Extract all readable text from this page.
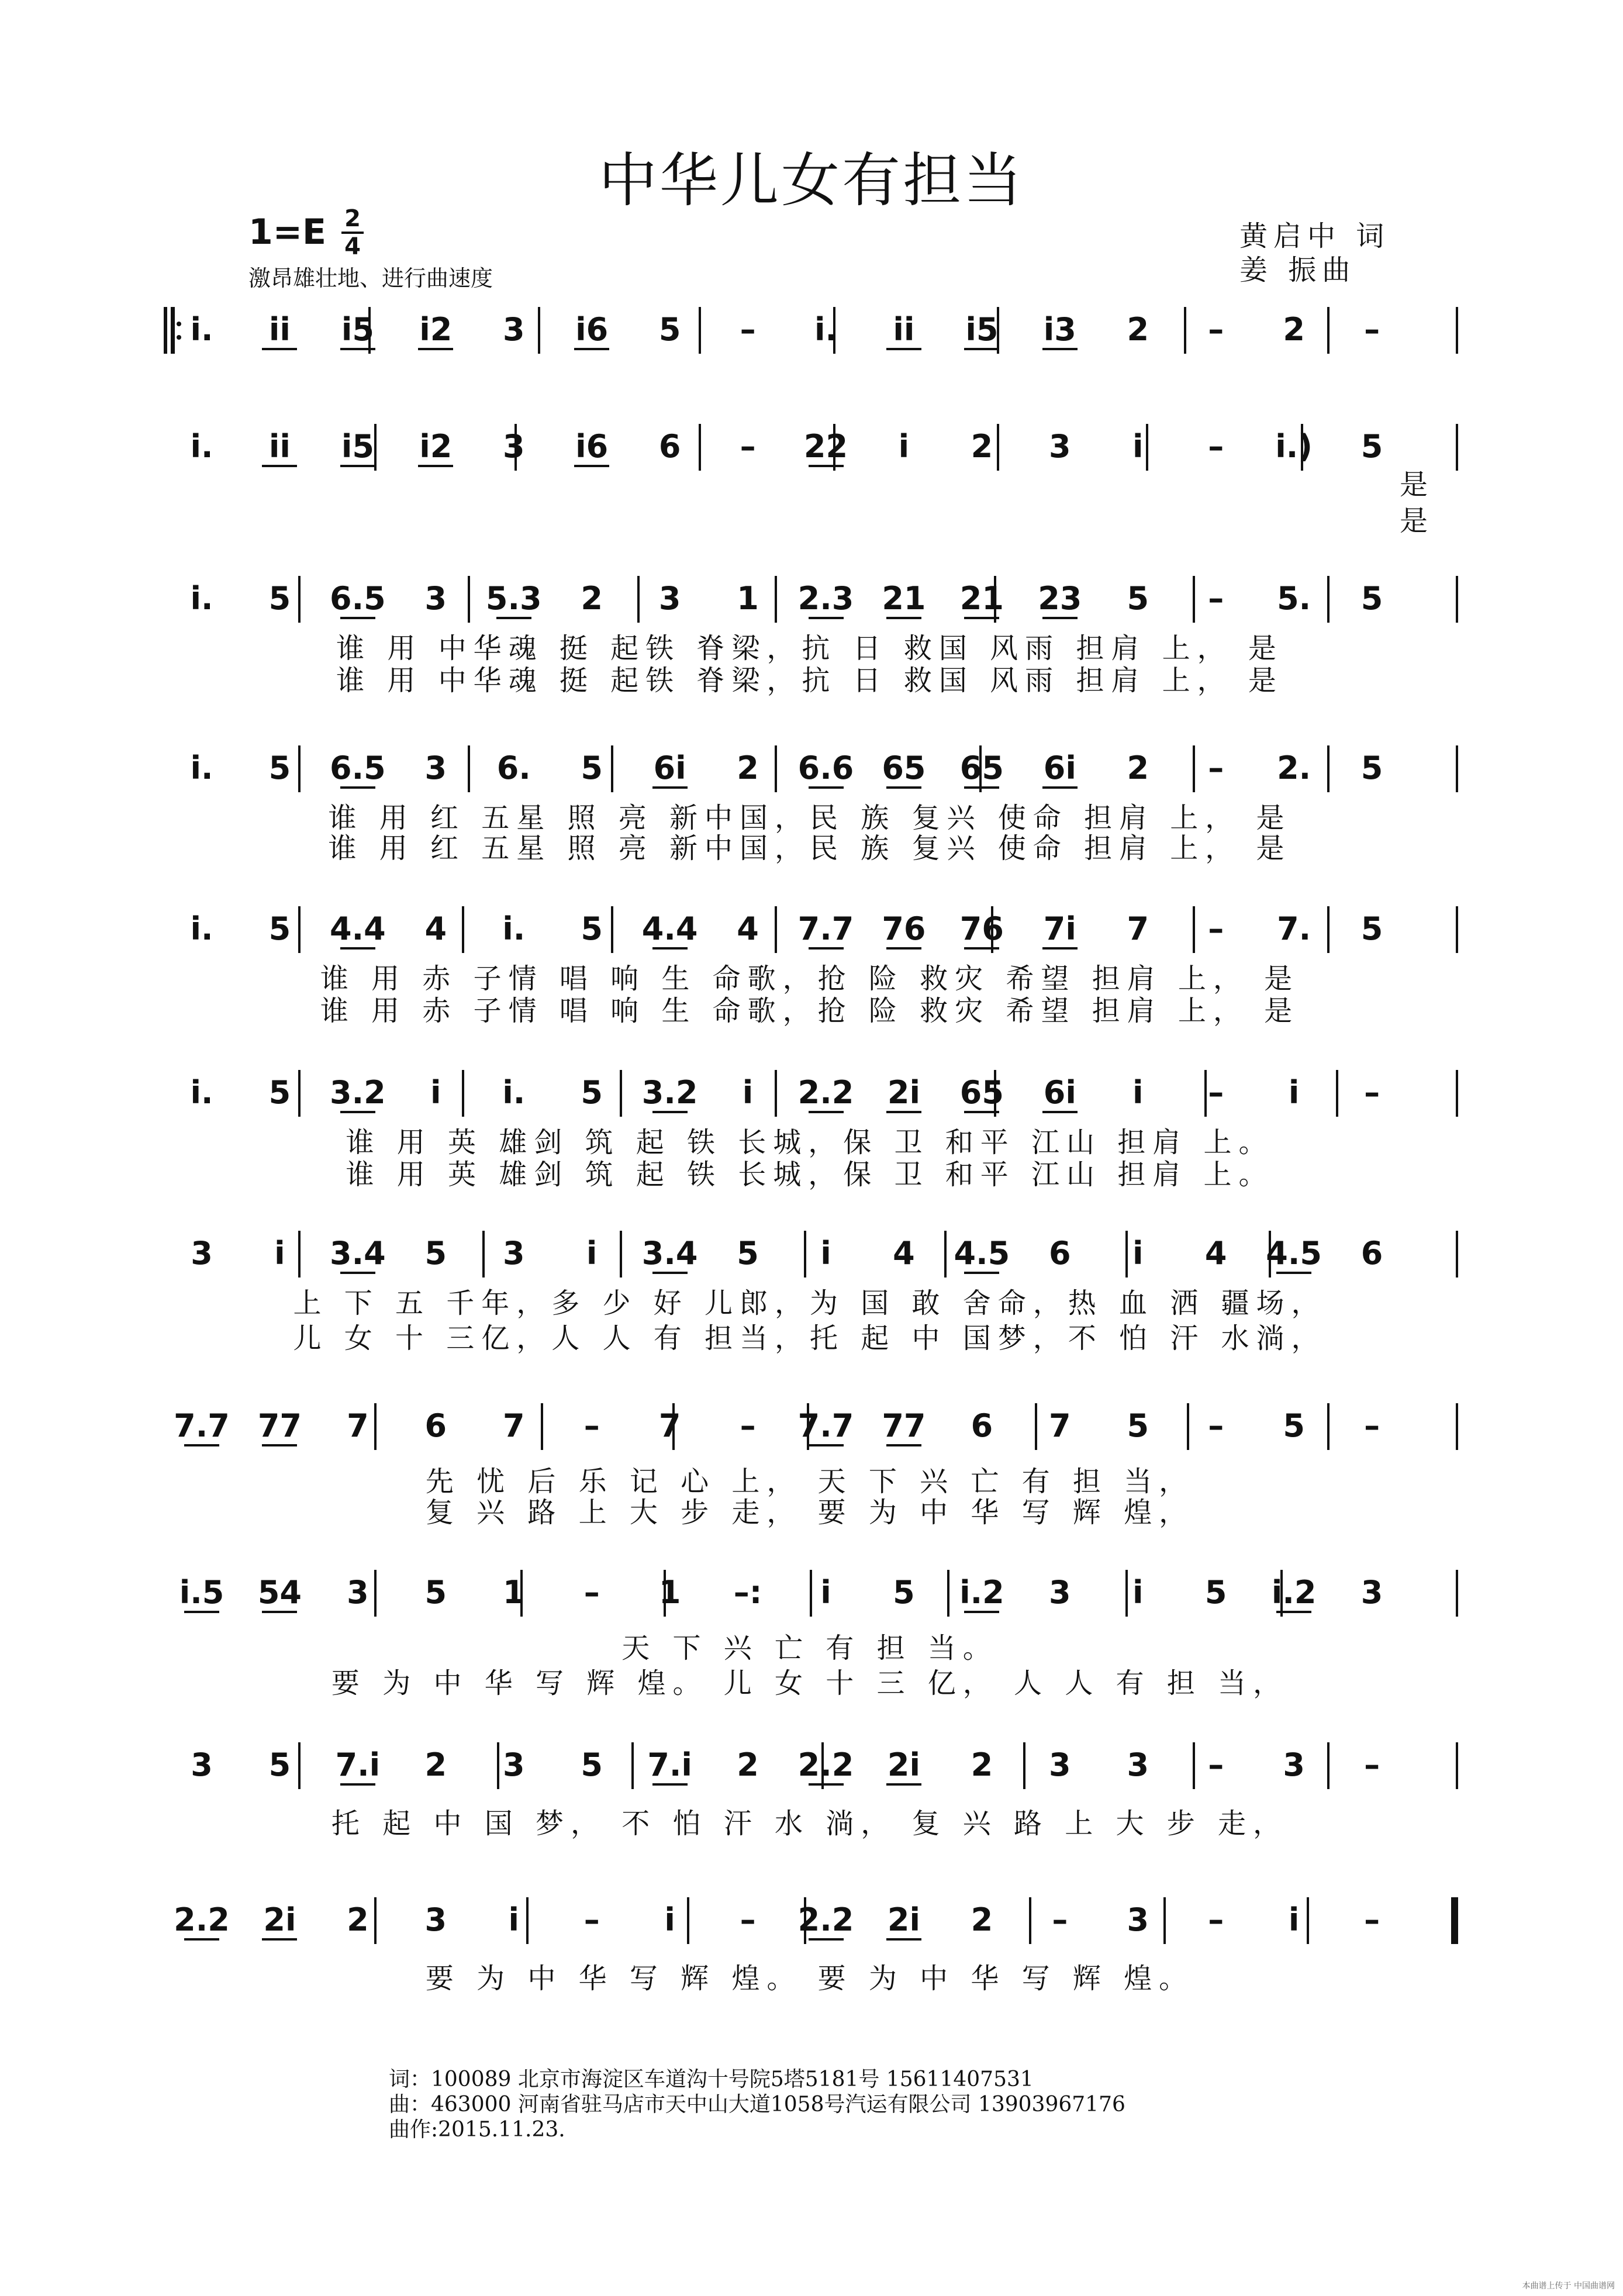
中华儿女有担当
1=E 2
4
激昂雄壮地、进行曲速度
黄启中 词
姜 振曲
i. ii i5 i2 3 i6 5 – i. ii i5 i3 2 – 2 –
i. ii i5 i2 3 i6 6 – 22 i 2 3 i – i.) 5
i. 5 6.5 3 5.3 2 3 1 2.3 21 21 23 5 – 5. 5
i. 5 6.5 3 6. 5 6i 2 6.6 65 65 6i 2 – 2. 5
i. 5 4.4 4 i. 5 4.4 4 7.7 76 76 7i 7 – 7. 5
i. 5 3.2 i i. 5 3.2 i 2.2 2i 65 6i i – i –
3 i 3.4 5 3 i 3.4 5 i 4 4.5 6 i 4 4.5 6
7.7 77 7 6 7 – 7 – 7.7 77 6 7 5 – 5 –
i.5 54 3 5 1 – 1 –: i 5 i.2 3 i 5 i.2 3
3 5 7.i 2 3 5 7.i 2 2.2 2i 2 3 3 – 3 –
2.2 2i 2 3 i – i – 2.2 2i 2 – 3 – i –
是
是
谁 用 中华魂 挺 起铁 脊梁，抗 日 救国 风雨 担肩 上， 是
谁 用 中华魂 挺 起铁 脊梁，抗 日 救国 风雨 担肩 上， 是
谁 用 红 五星 照 亮 新中国，民 族 复兴 使命 担肩 上， 是
谁 用 红 五星 照 亮 新中国，民 族 复兴 使命 担肩 上， 是
谁 用 赤 子情 唱 响 生 命歌，抢 险 救灾 希望 担肩 上， 是
谁 用 赤 子情 唱 响 生 命歌，抢 险 救灾 希望 担肩 上， 是
谁 用 英 雄剑 筑 起 铁 长城，保 卫 和平 江山 担肩 上。
谁 用 英 雄剑 筑 起 铁 长城，保 卫 和平 江山 担肩 上。
上 下 五 千年，多 少 好 儿郎，为 国 敢 舍命，热 血 洒 疆场，
儿 女 十 三亿，人 人 有 担当，托 起 中 国梦，不 怕 汗 水淌，
先 忧 后 乐 记 心 上， 天 下 兴 亡 有 担 当，
复 兴 路 上 大 步 走， 要 为 中 华 写 辉 煌，
天 下 兴 亡 有 担 当。
要 为 中 华 写 辉 煌。 儿 女 十 三 亿， 人 人 有 担 当，
托 起 中 国 梦， 不 怕 汗 水 淌， 复 兴 路 上 大 步 走，
要 为 中 华 写 辉 煌。 要 为 中 华 写 辉 煌。
词：100089 北京市海淀区车道沟十号院5塔5181号 15611407531
曲：463000 河南省驻马店市天中山大道1058号汽运有限公司 13903967176
曲作:2015.11.23.
本曲谱上传于 中国曲谱网
